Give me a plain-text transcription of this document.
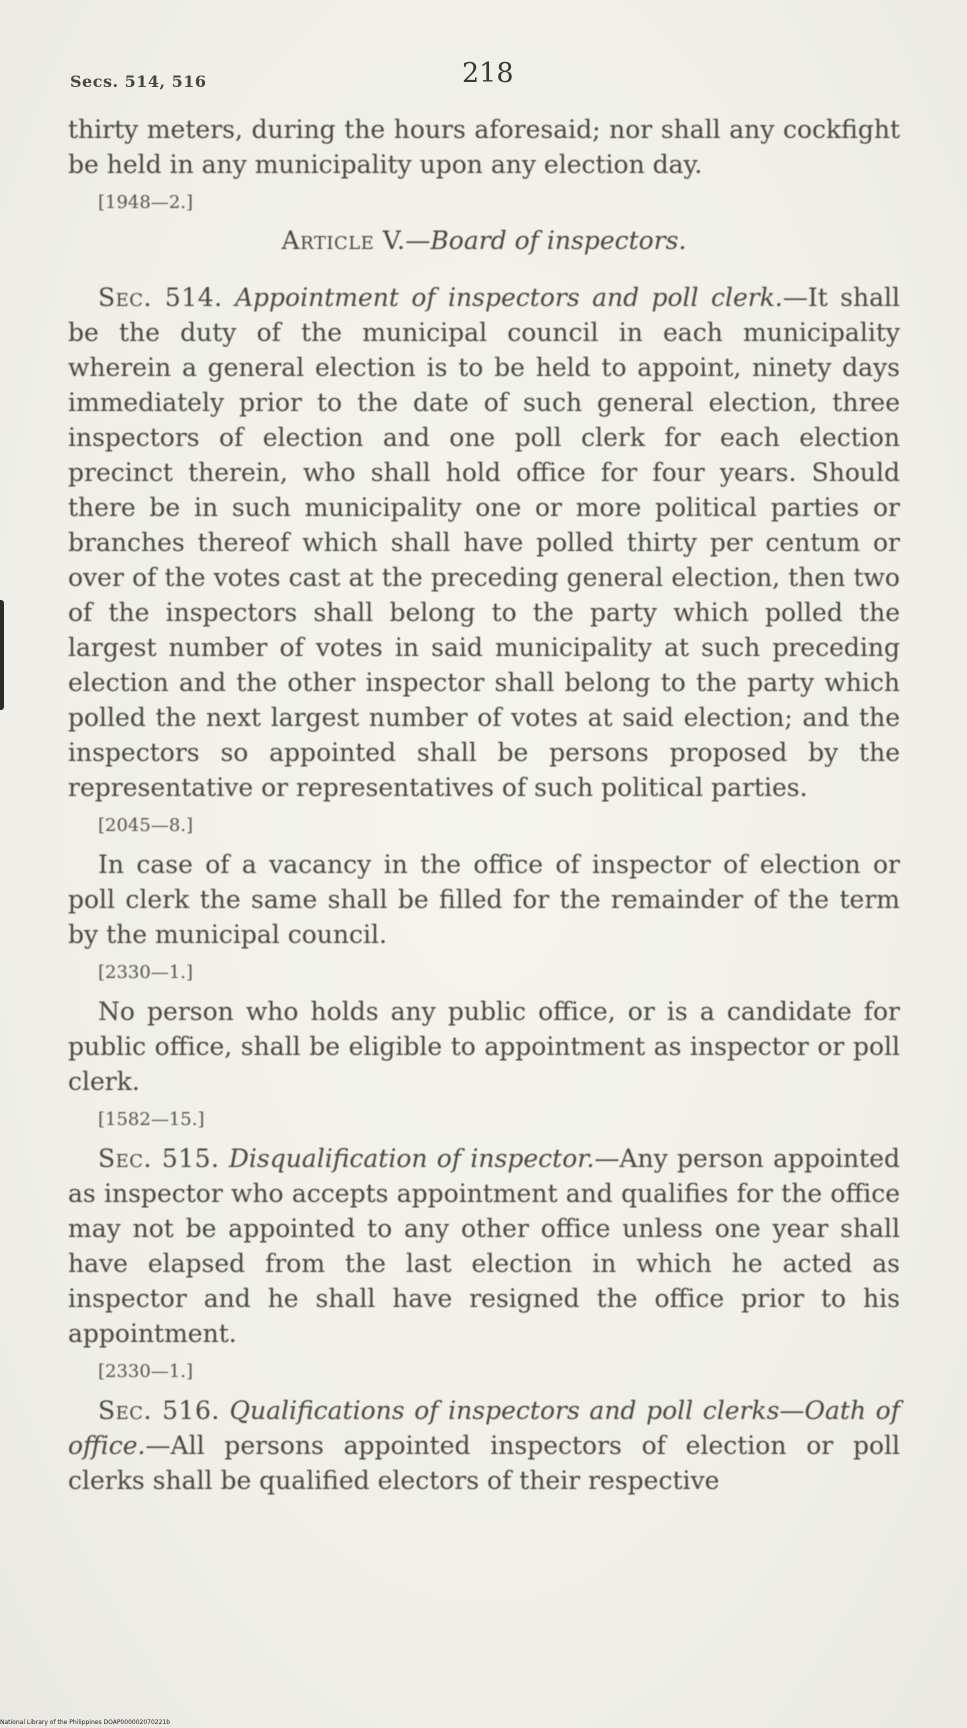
Secs. 514, 516	218

thirty meters, during the hours aforesaid; nor shall any cockfight be held in any municipality upon any election day.

[1948—2.]

Article V.—Board of inspectors.

Sec. 514. Appointment of inspectors and poll clerk.—It shall be the duty of the municipal council in each municipality wherein a general election is to be held to appoint, ninety days immediately prior to the date of such general election, three inspectors of election and one poll clerk for each election precinct therein, who shall hold office for four years. Should there be in such municipality one or more political parties or branches thereof which shall have polled thirty per centum or over of the votes cast at the preceding general election, then two of the inspectors shall belong to the party which polled the largest number of votes in said municipality at such preceding election and the other inspector shall belong to the party which polled the next largest number of votes at said election; and the inspectors so appointed shall be persons proposed by the representative or representatives of such political parties.

[2045—8.]

In case of a vacancy in the office of inspector of election or poll clerk the same shall be filled for the remainder of the term by the municipal council.

[2330—1.]

No person who holds any public office, or is a candidate for public office, shall be eligible to appointment as inspector or poll clerk.

[1582—15.]

Sec. 515. Disqualification of inspector.—Any person appointed as inspector who accepts appointment and qualifies for the office may not be appointed to any other office unless one year shall have elapsed from the last election in which he acted as inspector and he shall have resigned the office prior to his appointment.

[2330—1.]

Sec. 516. Qualifications of inspectors and poll clerks—Oath of office.—All persons appointed inspectors of election or poll clerks shall be qualified electors of their respective

National Library of the Philippines DOAP000002070221b
